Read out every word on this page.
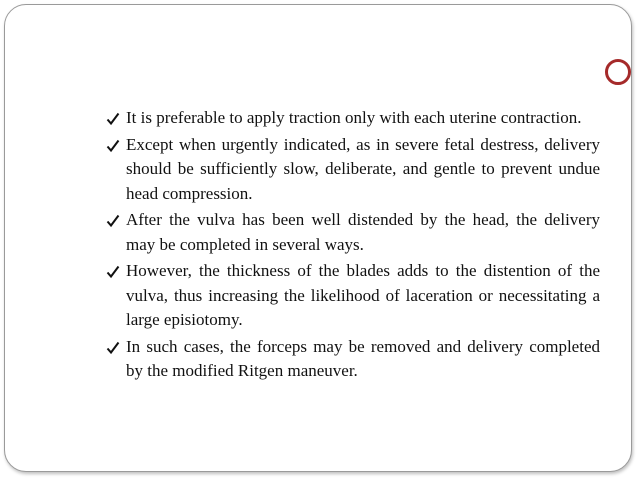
It is preferable to apply traction only with each uterine contraction.

Except when urgently indicated, as in severe fetal destress, delivery should be sufficiently slow, deliberate, and gentle to prevent undue head compression.

After the vulva has been well distended by the head, the delivery may be completed in several ways.

However, the thickness of the blades adds to the distention of the vulva, thus increasing the likelihood of laceration or necessitating a large episiotomy.

In such cases, the forceps may be removed and delivery completed by the modified Ritgen maneuver.
